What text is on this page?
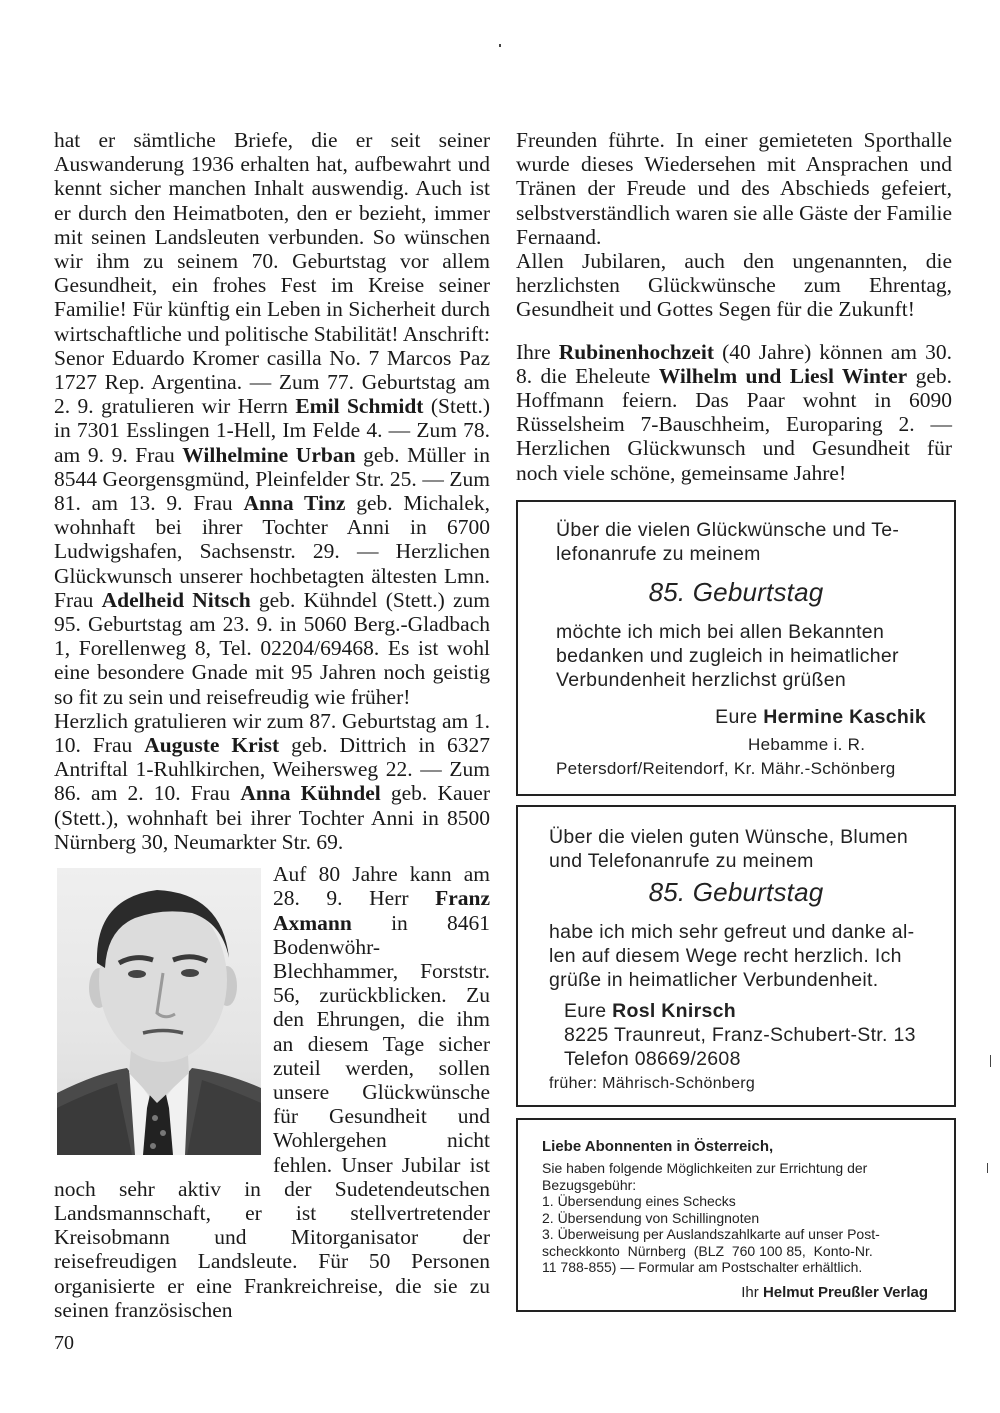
hat er sämtliche Briefe, die er seit seiner Auswanderung 1936 erhalten hat, aufbewahrt und kennt sicher manchen Inhalt auswendig. Auch ist er durch den Heimatboten, den er bezieht, immer mit seinen Landsleuten verbunden. So wünschen wir ihm zu seinem 70. Geburtstag vor allem Gesundheit, ein frohes Fest im Kreise seiner Familie! Für künftig ein Leben in Sicherheit durch wirtschaftliche und politische Stabilität! Anschrift: Senor Eduardo Kromer casilla No. 7 Marcos Paz 1727 Rep. Argentina. — Zum 77. Geburtstag am 2. 9. gratulieren wir Herrn Emil Schmidt (Stett.) in 7301 Esslingen 1-Hell, Im Felde 4. — Zum 78. am 9. 9. Frau Wilhelmine Urban geb. Müller in 8544 Georgensgmünd, Pleinfelder Str. 25. — Zum 81. am 13. 9. Frau Anna Tinz geb. Michalek, wohnhaft bei ihrer Tochter Anni in 6700 Ludwigshafen, Sachsenstr. 29. — Herzlichen Glückwunsch unserer hochbetagten ältesten Lmn. Frau Adelheid Nitsch geb. Kühndel (Stett.) zum 95. Geburtstag am 23. 9. in 5060 Berg.-Gladbach 1, Forellenweg 8, Tel. 02204/69468. Es ist wohl eine besondere Gnade mit 95 Jahren noch geistig so fit zu sein und reisefreudig wie früher!

Herzlich gratulieren wir zum 87. Geburtstag am 1. 10. Frau Auguste Krist geb. Dittrich in 6327 Antriftal 1-Ruhlkirchen, Weihersweg 22. — Zum 86. am 2. 10. Frau Anna Kühndel geb. Kauer (Stett.), wohnhaft bei ihrer Tochter Anni in 8500 Nürnberg 30, Neumarkter Str. 69.

Auf 80 Jahre kann am 28. 9. Herr Franz Axmann in 8461 Bodenwöhr-Blechhammer, Forststr. 56, zurückblicken. Zu den Ehrungen, die ihm an diesem Tage sicher zuteil werden, sollen unsere Glückwünsche für Gesundheit und Wohlergehen nicht fehlen. Unser Jubilar ist noch sehr aktiv in der Sudetendeutschen Landsmannschaft, er ist stellvertretender Kreisobmann und Mitorganisator der reisefreudigen Landsleute. Für 50 Personen organisierte er eine Frankreichreise, die sie zu seinen französischen

Freunden führte. In einer gemieteten Sporthalle wurde dieses Wiedersehen mit Ansprachen und Tränen der Freude und des Abschieds gefeiert, selbstverständlich waren sie alle Gäste der Familie Fernaand.

Allen Jubilaren, auch den ungenannten, die herzlichsten Glückwünsche zum Ehrentag, Gesundheit und Gottes Segen für die Zukunft!

Ihre Rubinenhochzeit (40 Jahre) können am 30. 8. die Eheleute Wilhelm und Liesl Winter geb. Hoffmann feiern. Das Paar wohnt in 6090 Rüsselsheim 7-Bauschheim, Europaring 2. — Herzlichen Glückwunsch und Gesundheit für noch viele schöne, gemeinsame Jahre!

Über die vielen Glückwünsche und Te-
lefonanrufe zu meinem
85. Geburtstag
möchte ich mich bei allen Bekannten
bedanken und zugleich in heimatlicher
Verbundenheit herzlichst grüßen
Eure Hermine Kaschik
Hebamme i. R.
Petersdorf/Reitendorf, Kr. Mähr.-Schönberg
Über die vielen guten Wünsche, Blumen
und Telefonanrufe zu meinem
85. Geburtstag
habe ich mich sehr gefreut und danke al-
len auf diesem Wege recht herzlich. Ich
grüße in heimatlicher Verbundenheit.
Eure Rosl Knirsch
8225 Traunreut, Franz-Schubert-Str. 13
Telefon 08669/2608
früher: Mährisch-Schönberg
Liebe Abonnenten in Österreich,
Sie haben folgende Möglichkeiten zur Errichtung der
Bezugsgebühr:
1. Übersendung eines Schecks
2. Übersendung von Schillingnoten
3. Überweisung per Auslandszahlkarte auf unser Post-
scheckkonto  Nürnberg  (BLZ  760 100 85,  Konto-Nr.
11 788-855) — Formular am Postschalter erhältlich.
Ihr Helmut Preußler Verlag
70
